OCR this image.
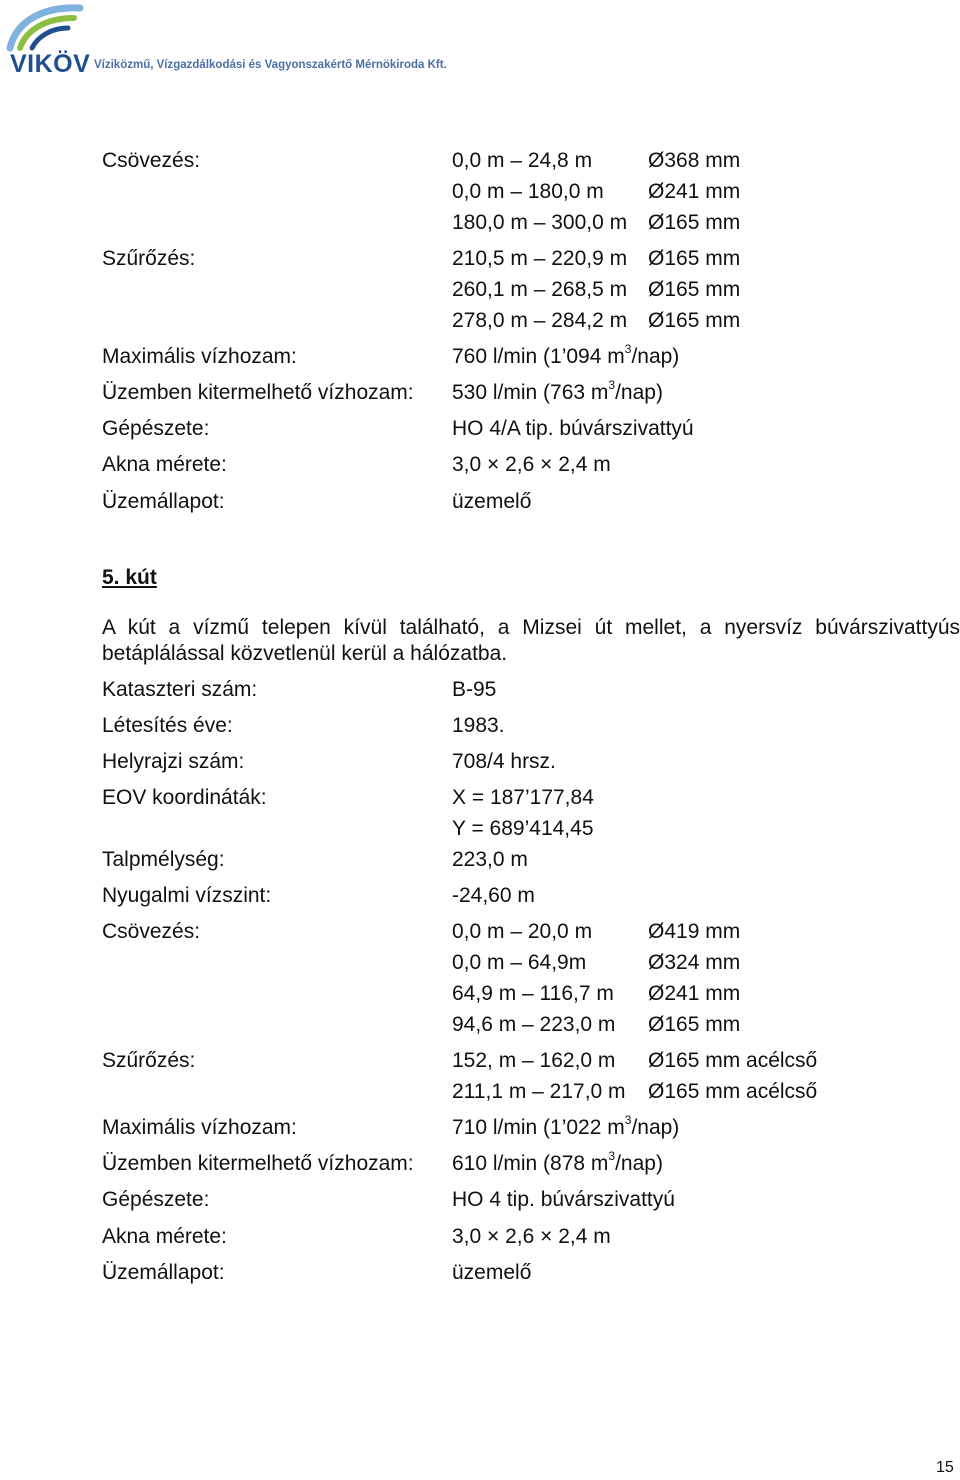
VIKÖV Víziközmű, Vízgazdálkodási és Vagyonszakértő Mérnökiroda Kft.
Csövezés:	0,0 m – 24,8 m	Ø368 mm
0,0 m – 180,0 m Ø241 mm
180,0 m – 300,0 m Ø165 mm
Szűrőzés:	210,5 m – 220,9 m Ø165 mm
260,1 m – 268,5 m Ø165 mm
278,0 m – 284,2 m Ø165 mm
Maximális vízhozam:	760 l/min (1’094 $m^3/nap$)
Üzemben kitermelhető vízhozam: 530 l/min (763 $m^3/nap$)
Gépészete:	HO 4/A tip. búvárszivattyú
Akna mérete:	3,0 × 2,6 × 2,4 m
Üzemállapot:	üzemelő
5. kút
A kút a vízmű telepen kívül található, a Mizsei út mellet, a nyersvíz búvárszivattyús betáplálással közvetlenül kerül a hálózatba.
Kataszteri szám:	B-95
Létesítés éve:	1983.
Helyrajzi szám:	708/4 hrsz.
EOV koordináták:	X = 187’177,84
Y = 689’414,45
Talpmélység:	223,0 m
Nyugalmi vízszint:	-24,60 m
Csövezés:	0,0 m – 20,0 m	Ø419 mm
0,0 m – 64,9m	Ø324 mm
64,9 m – 116,7 m Ø241 mm
94,6 m – 223,0 m Ø165 mm
Szűrőzés:	152, m – 162,0 m Ø165 mm acélcső
211,1 m – 217,0 m Ø165 mm acélcső
Maximális vízhozam:	710 l/min (1’022 $m^3/nap$)
Üzemben kitermelhető vízhozam: 610 l/min (878 $m^3/nap$)
Gépészete:	HO 4 tip. búvárszivattyú
Akna mérete:	3,0 × 2,6 × 2,4 m
Üzemállapot:	üzemelő
15
